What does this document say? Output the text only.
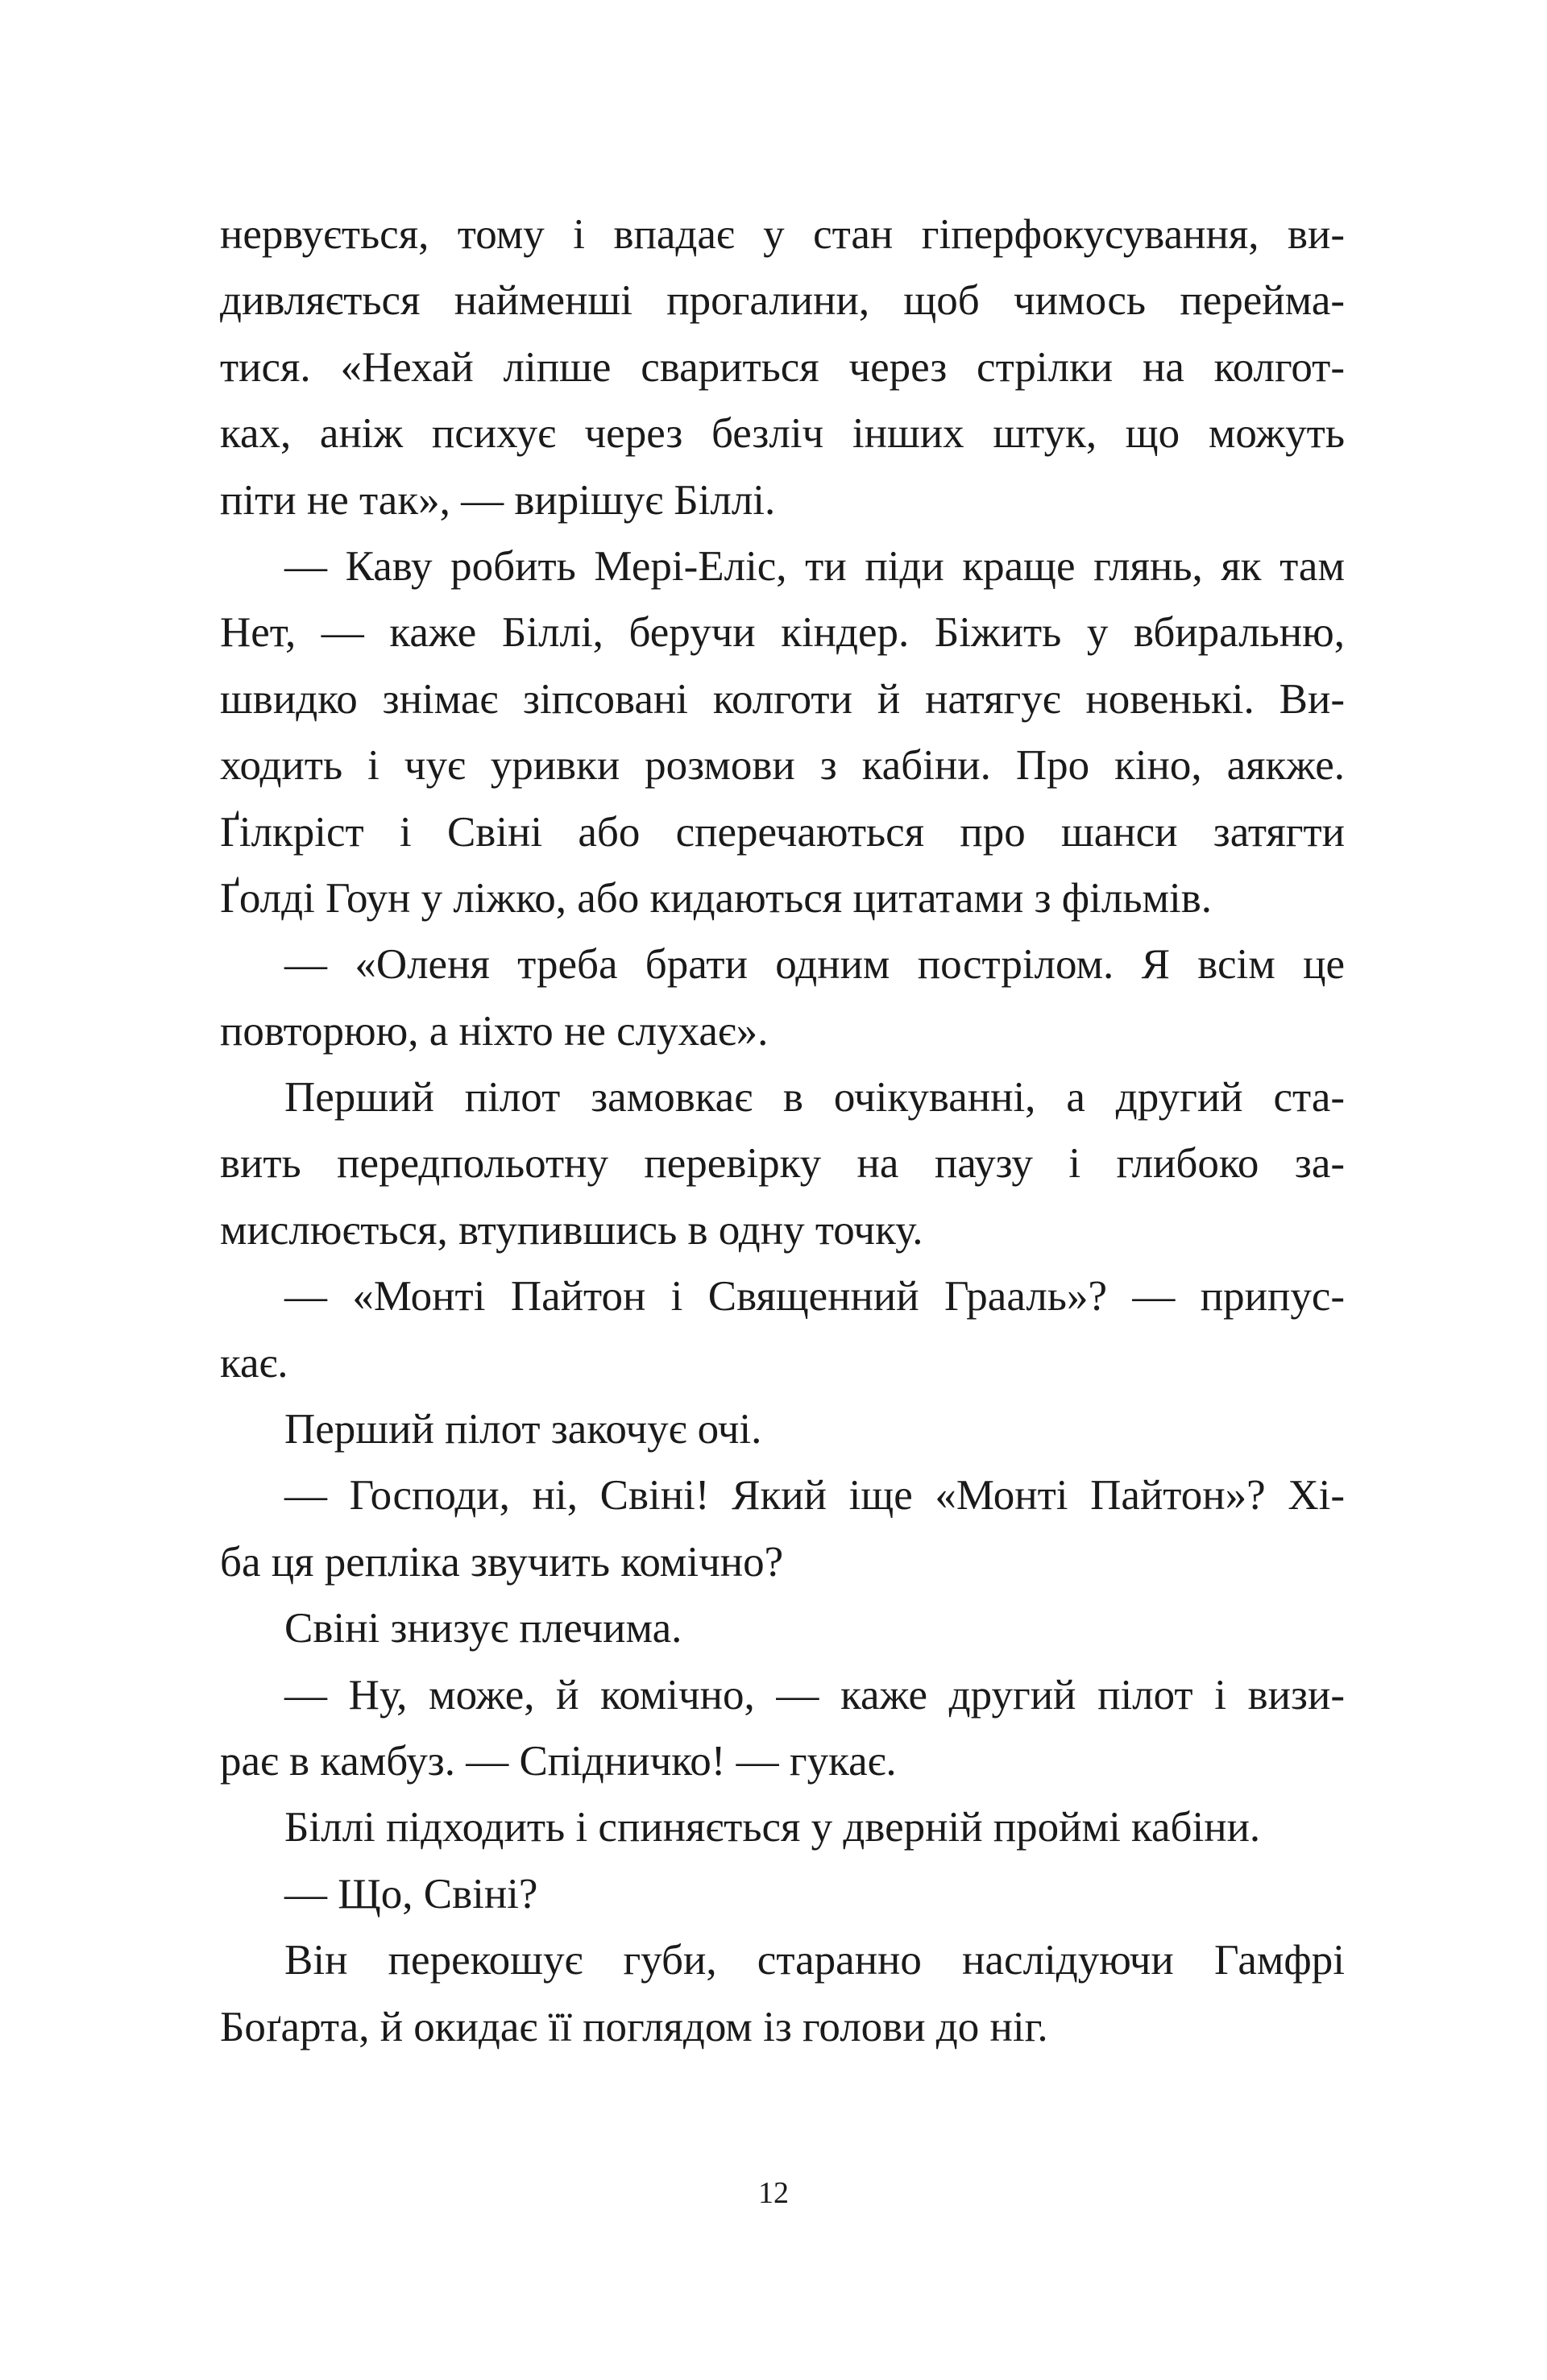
нервується, тому і впадає у стан гіперфокусування, ви-
дивляється найменші прогалини, щоб чимось перейма-
тися. «Нехай ліпше свариться через стрілки на колгот-
ках, аніж психує через безліч інших штук, що можуть
піти не так», — вирішує Біллі.
— Каву робить Мері-Еліс, ти піди краще глянь, як там
Нет, — каже Біллі, беручи кіндер. Біжить у вбиральню,
швидко знімає зіпсовані колготи й натягує новенькі. Ви-
ходить і чує уривки розмови з кабіни. Про кіно, аякже.
Ґілкріст і Свіні або сперечаються про шанси затягти
Ґолді Гоун у ліжко, або кидаються цитатами з фільмів.
— «Оленя треба брати одним пострілом. Я всім це
повторюю, а ніхто не слухає».
Перший пілот замовкає в очікуванні, а другий ста-
вить передпольотну перевірку на паузу і глибоко за-
мислюється, втупившись в одну точку.
— «Монті Пайтон і Священний Грааль»? — припус-
кає.
Перший пілот закочує очі.
— Господи, ні, Свіні! Який іще «Монті Пайтон»? Хі-
ба ця репліка звучить комічно?
Свіні знизує плечима.
— Ну, може, й комічно, — каже другий пілот і визи-
рає в камбуз. — Спідничко! — гукає.
Біллі підходить і спиняється у дверній проймі кабіни.
— Що, Свіні?
Він перекошує губи, старанно наслідуючи Гамфрі
Боґарта, й окидає її поглядом із голови до ніг.
12
